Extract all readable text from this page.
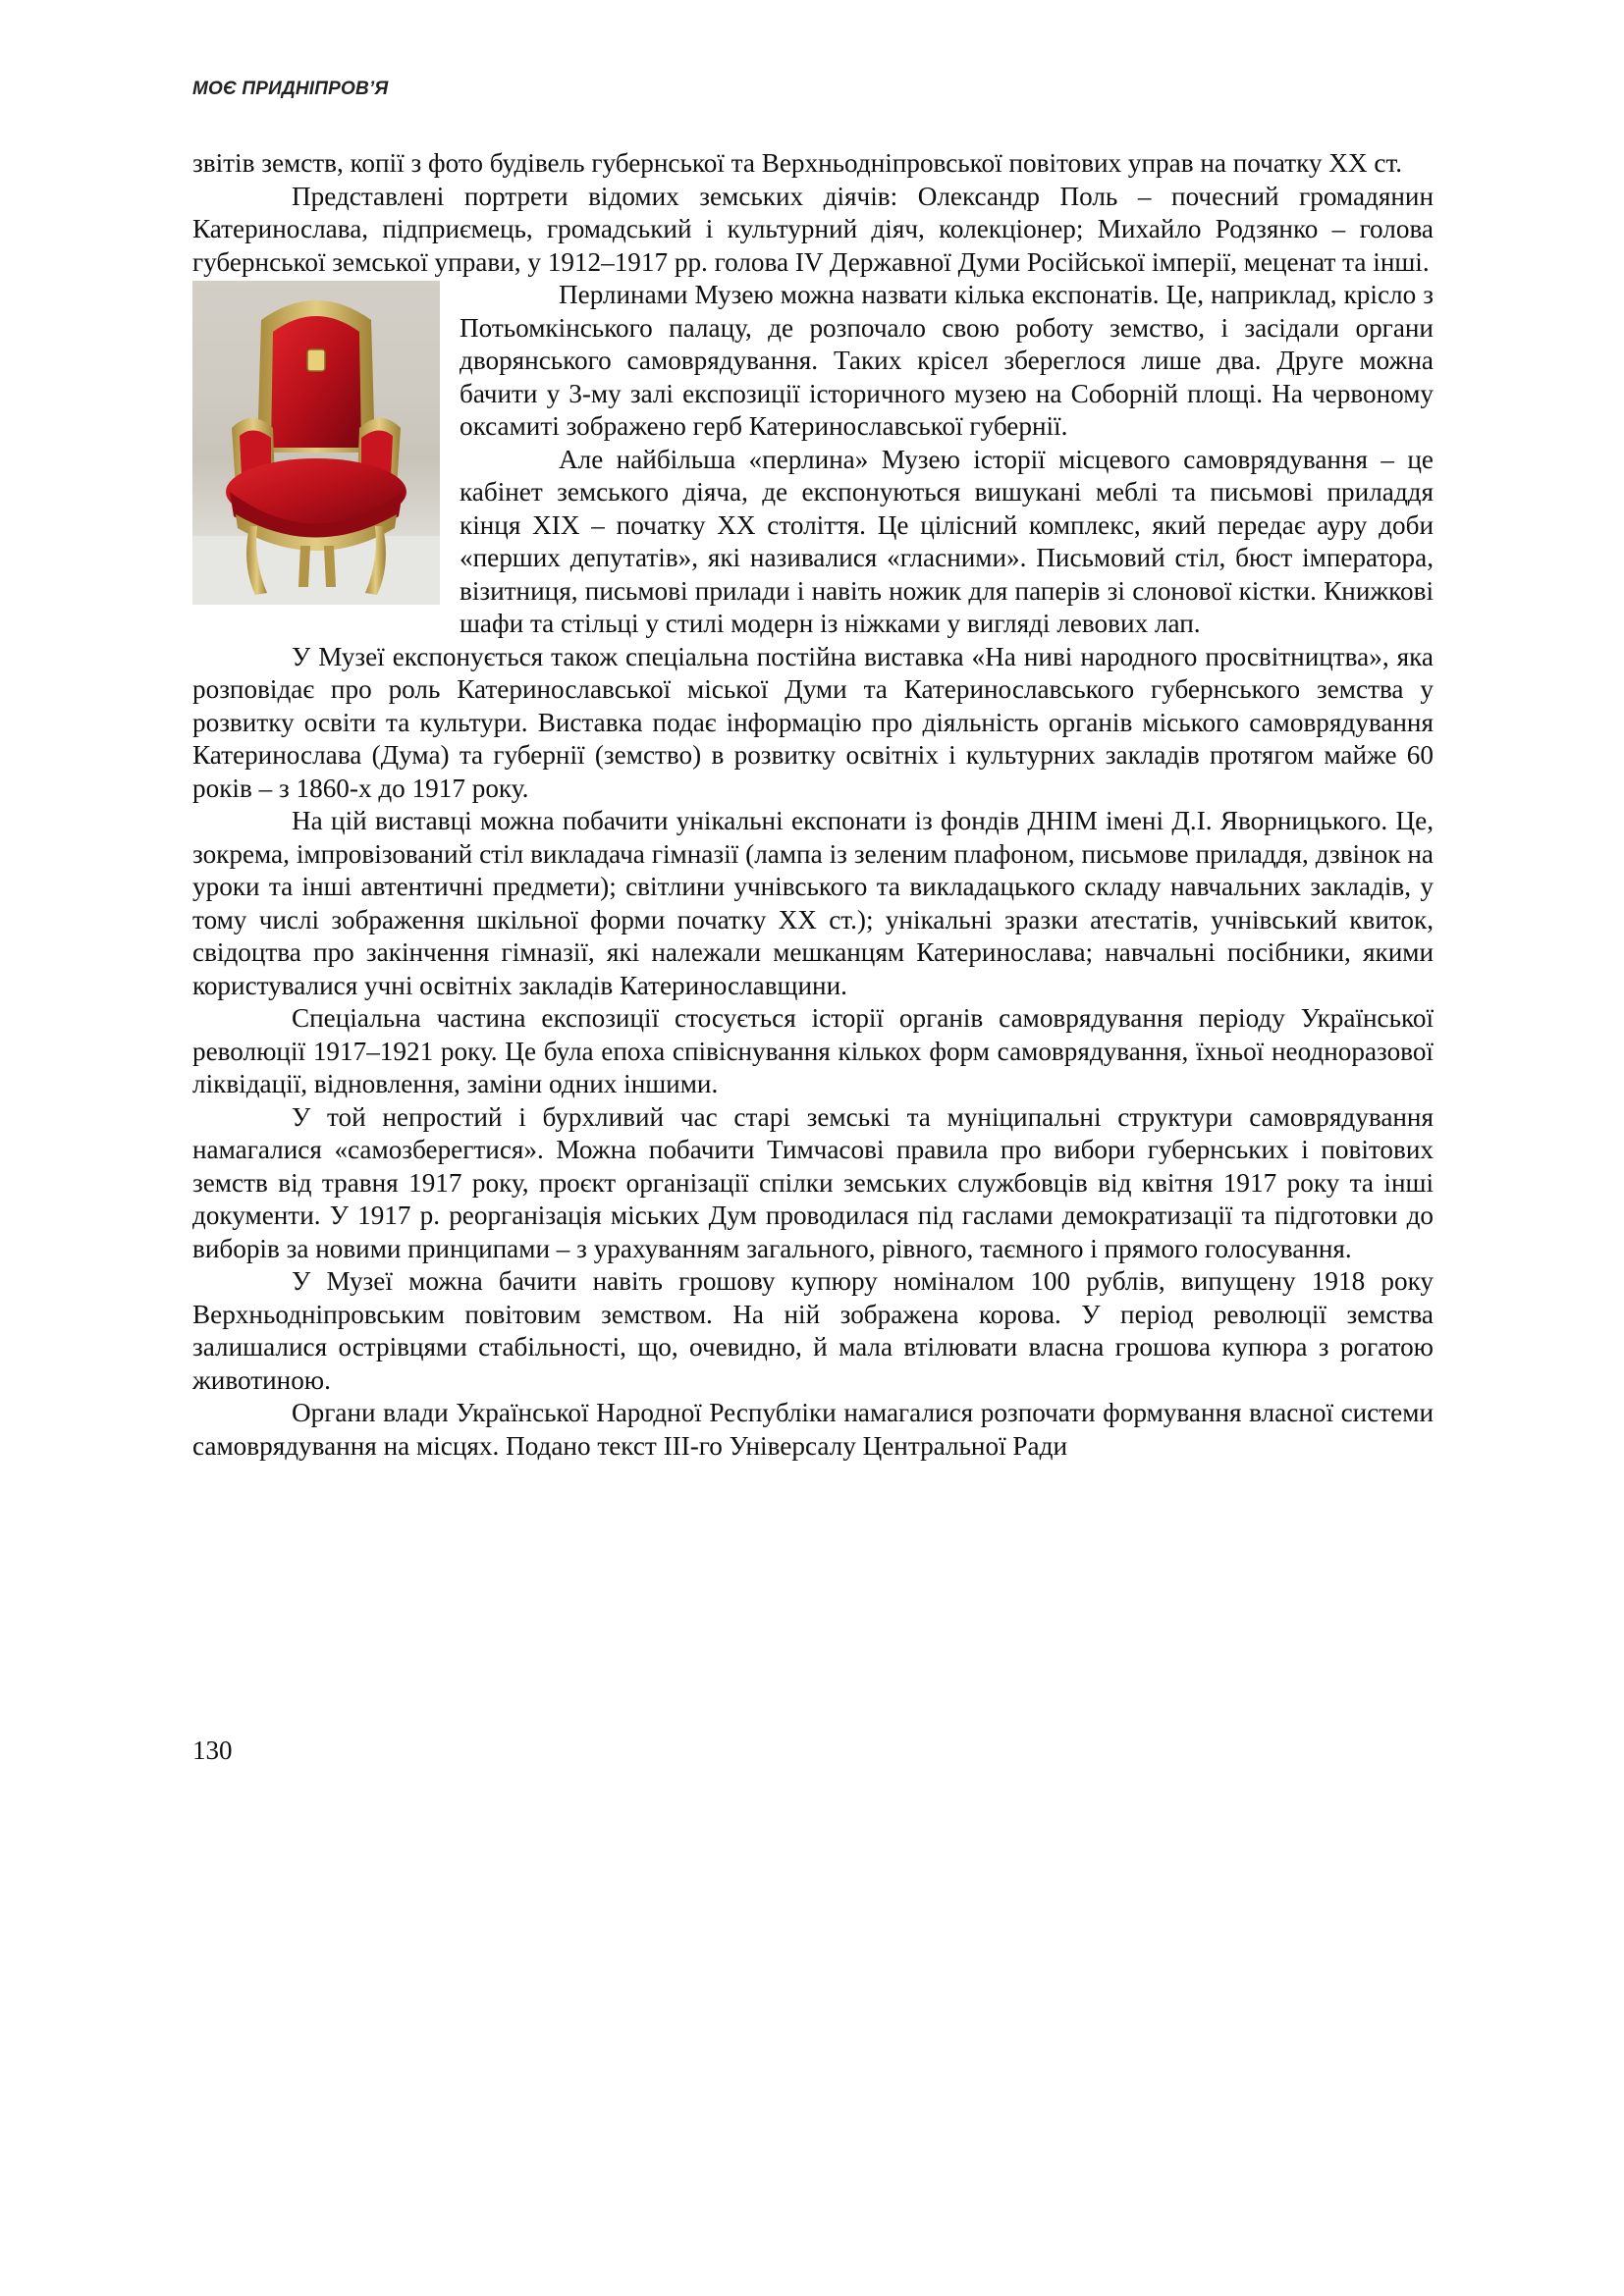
МОЄ ПРИДНІПРОВ’Я

звітів земств, копії з фото будівель губернської та Верхньодніпровської повітових управ на початку ХХ ст.

Представлені портрети відомих земських діячів: Олександр Поль – почесний громадянин Катеринослава, підприємець, громадський і культурний діяч, колекціонер; Михайло Родзянко – голова губернської земської управи, у 1912–1917 рр. голова IV Державної Думи Російської імперії, меценат та інші.

Перлинами Музею можна назвати кілька експонатів. Це, наприклад, крісло з Потьомкінського палацу, де розпочало свою роботу земство, і засідали органи дворянського самоврядування. Таких крісел збереглося лише два. Друге можна бачити у 3-му залі експозиції історичного музею на Соборній площі. На червоному оксамиті зображено герб Катеринославської губернії.

Але найбільша «перлина» Музею історії місцевого самоврядування – це кабінет земського діяча, де експонуються вишукані меблі та письмові приладдя кінця ХІХ – початку ХХ століття. Це цілісний комплекс, який передає ауру доби «перших депутатів», які називалися «гласними». Письмовий стіл, бюст імператора, візитниця, письмові прилади і навіть ножик для паперів зі слонової кістки. Книжкові шафи та стільці у стилі модерн із ніжками у вигляді левових лап.

У Музеї експонується також спеціальна постійна виставка «На ниві народного просвітництва», яка розповідає про роль Катеринославської міської Думи та Катеринославського губернського земства у розвитку освіти та культури. Виставка подає інформацію про діяльність органів міського самоврядування Катеринослава (Дума) та губернії (земство) в розвитку освітніх і культурних закладів протягом майже 60 років – з 1860-х до 1917 року.

На цій виставці можна побачити унікальні експонати із фондів ДНІМ імені Д.І. Яворницького. Це, зокрема, імпровізований стіл викладача гімназії (лампа із зеленим плафоном, письмове приладдя, дзвінок на уроки та інші автентичні предмети); світлини учнівського та викладацького складу навчальних закладів, у тому числі зображення шкільної форми початку ХХ ст.); унікальні зразки атестатів, учнівський квиток, свідоцтва про закінчення гімназії, які належали мешканцям Катеринослава; навчальні посібники, якими користувалися учні освітніх закладів Катеринославщини.

Спеціальна частина експозиції стосується історії органів самоврядування періоду Української революції 1917–1921 року. Це була епоха співіснування кількох форм самоврядування, їхньої неодноразової ліквідації, відновлення, заміни одних іншими.

У той непростий і бурхливий час старі земські та муніципальні структури самоврядування намагалися «самозберегтися». Можна побачити Тимчасові правила про вибори губернських і повітових земств від травня 1917 року, проєкт організації спілки земських службовців від квітня 1917 року та інші документи. У 1917 р. реорганізація міських Дум проводилася під гаслами демократизації та підготовки до виборів за новими принципами – з урахуванням загального, рівного, таємного і прямого голосування.

У Музеї можна бачити навіть грошову купюру номіналом 100 рублів, випущену 1918 року Верхньодніпровським повітовим земством. На ній зображена корова. У період революції земства залишалися острівцями стабільності, що, очевидно, й мала втілювати власна грошова купюра з рогатою животиною.

Органи влади Української Народної Республіки намагалися розпочати формування власної системи самоврядування на місцях. Подано текст ІІІ-го Універсалу Центральної Ради

130
